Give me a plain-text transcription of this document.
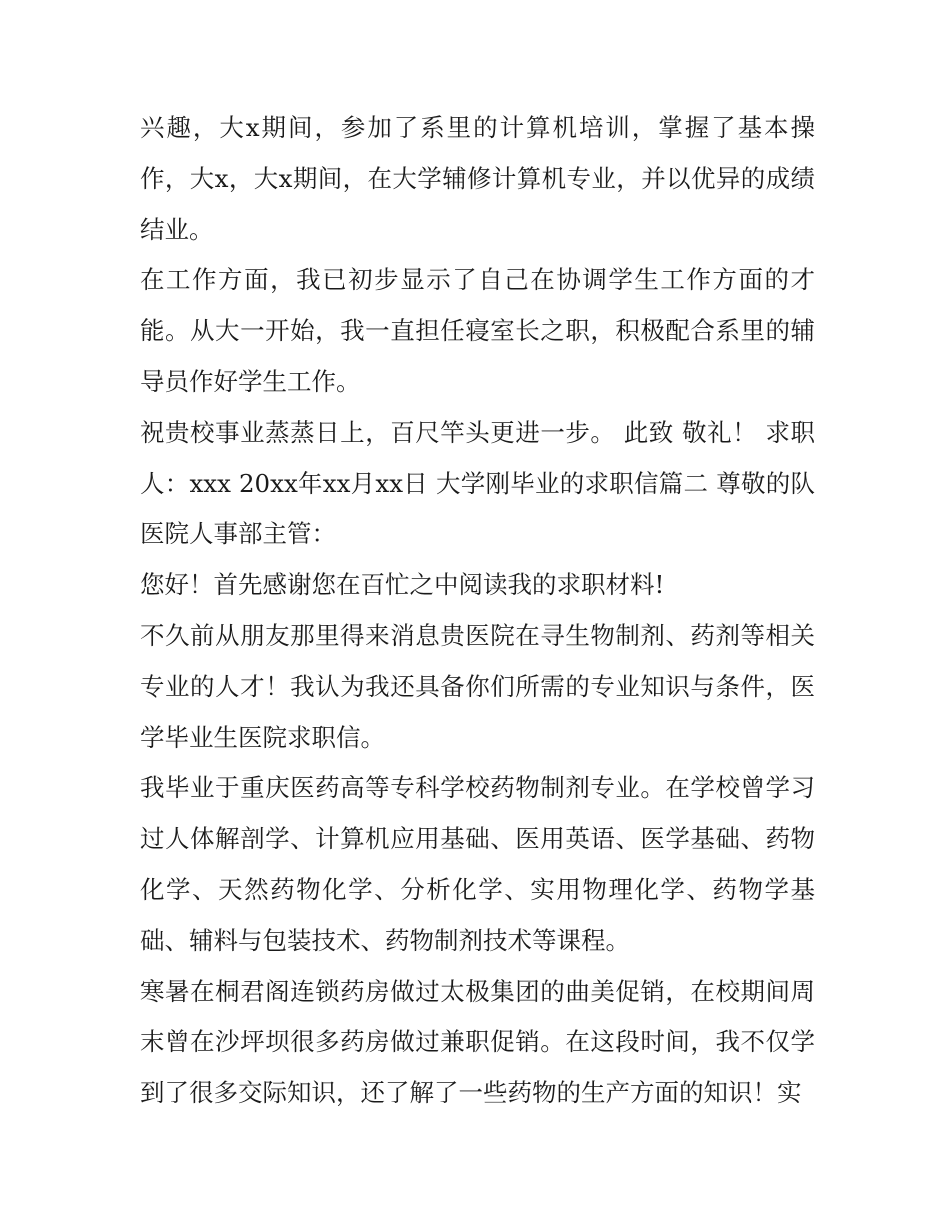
兴趣，大x期间，参加了系里的计算机培训，掌握了基本操作，大x，大x期间，在大学辅修计算机专业，并以优异的成绩结业。

在工作方面，我已初步显示了自己在协调学生工作方面的才能。从大一开始，我一直担任寝室长之职，积极配合系里的辅导员作好学生工作。

祝贵校事业蒸蒸日上，百尺竿头更进一步。 此致 敬礼！ 求职人：xxx 20xx年xx月xx日 大学刚毕业的求职信篇二 尊敬的队医院人事部主管：

您好！首先感谢您在百忙之中阅读我的求职材料!

不久前从朋友那里得来消息贵医院在寻生物制剂、药剂等相关专业的人才！我认为我还具备你们所需的专业知识与条件，医学毕业生医院求职信。

我毕业于重庆医药高等专科学校药物制剂专业。在学校曾学习过人体解剖学、计算机应用基础、医用英语、医学基础、药物化学、天然药物化学、分析化学、实用物理化学、药物学基础、辅料与包装技术、药物制剂技术等课程。

寒暑在桐君阁连锁药房做过太极集团的曲美促销，在校期间周末曾在沙坪坝很多药房做过兼职促销。在这段时间，我不仅学到了很多交际知识，还了解了一些药物的生产方面的知识！实
